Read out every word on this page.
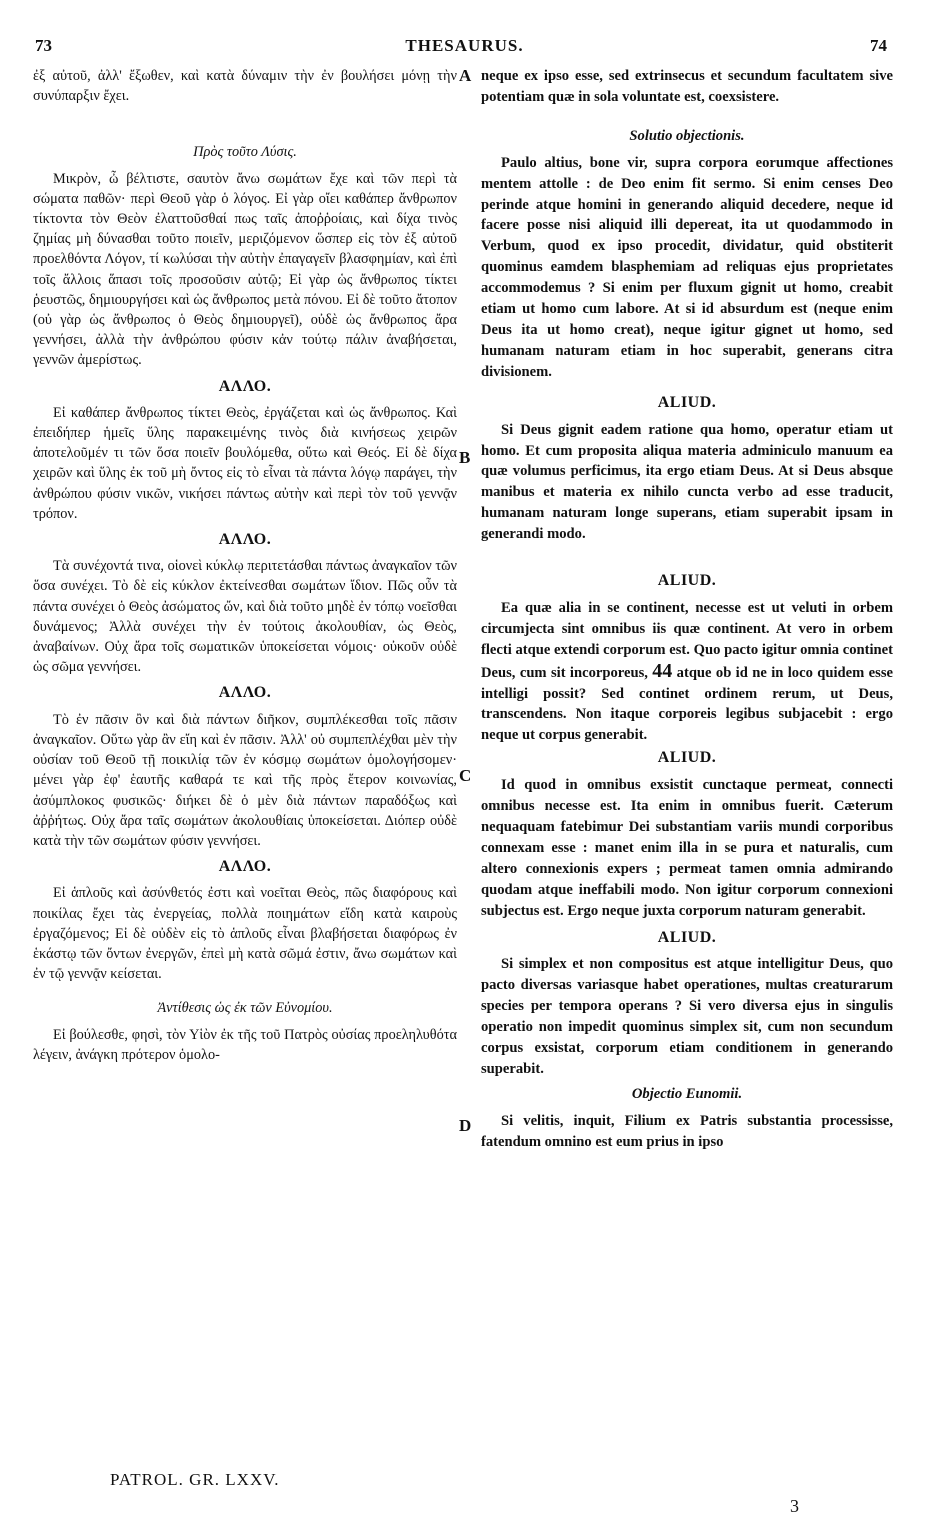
73	THESAURUS.	74

ἐξ αὐτοῦ, ἀλλ' ἔξωθεν, καὶ κατὰ δύναμιν τὴν ἐν βουλήσει μόνῃ τὴν συνύπαρξιν ἔχει.

Πρὸς τοῦτο Λύσις.

Μικρὸν, ὦ βέλτιστε, σαυτὸν ἄνω σωμάτων ἔχε καὶ τῶν περὶ τὰ σώματα παθῶν· περὶ Θεοῦ γὰρ ὁ λόγος. Εἰ γὰρ οἴει καθάπερ ἄνθρωπον τίκτοντα τὸν Θεὸν ἐλαττοῦσθαί πως ταῖς ἀποῤῥοίαις, καὶ δίχα τινὸς ζημίας μὴ δύνασθαι τοῦτο ποιεῖν, μεριζόμενον ὥσπερ εἰς τὸν ἐξ αὐτοῦ προελθόντα Λόγον, τί κωλύσαι τὴν αὐτὴν ἐπαγαγεῖν βλασφημίαν, καὶ ἐπὶ τοῖς ἄλλοις ἅπασι τοῖς προσοῦσιν αὐτῷ; Εἰ γὰρ ὡς ἄνθρωπος τίκτει ῥευστῶς, δημιουργήσει καὶ ὡς ἄνθρωπος μετὰ πόνου. Εἰ δὲ τοῦτο ἄτοπον (οὐ γὰρ ὡς ἄνθρωπος ὁ Θεὸς δημιουργεῖ), οὐδὲ ὡς ἄνθρωπος ἄρα γεννήσει, ἀλλὰ τὴν ἀνθρώπου φύσιν κἀν τούτῳ πάλιν ἀναβήσεται, γεννῶν ἀμερίστως.

ΑΛΛΟ.

Εἰ καθάπερ ἄνθρωπος τίκτει Θεὸς, ἐργάζεται καὶ ὡς ἄνθρωπος. Καὶ ἐπειδήπερ ἡμεῖς ὕλης παρακειμένης τινὸς διὰ κινήσεως χειρῶν ἀποτελοῦμέν τι τῶν ὅσα ποιεῖν βουλόμεθα, οὕτω καὶ Θεός. Εἰ δὲ δίχα χειρῶν καὶ ὕλης ἐκ τοῦ μὴ ὄντος εἰς τὸ εἶναι τὰ πάντα λόγῳ παράγει, τὴν ἀνθρώπου φύσιν νικῶν, νικήσει πάντως αὐτὴν καὶ περὶ τὸν τοῦ γεννᾷν τρόπον.

ΑΛΛΟ.

Τὰ συνέχοντά τινα, οἱονεὶ κύκλῳ περιτετάσθαι πάντως ἀναγκαῖον τῶν ὅσα συνέχει. Τὸ δὲ εἰς κύκλον ἐκτείνεσθαι σωμάτων ἴδιον. Πῶς οὖν τὰ πάντα συνέχει ὁ Θεὸς ἀσώματος ὤν, καὶ διὰ τοῦτο μηδὲ ἐν τόπῳ νοεῖσθαι δυνάμενος; Ἀλλὰ συνέχει τὴν ἐν τούτοις ἀκολουθίαν, ὡς Θεὸς, ἀναβαίνων. Οὐχ ἄρα τοῖς σωματικῶν ὑποκείσεται νόμοις· οὐκοῦν οὐδὲ ὡς σῶμα γεννήσει.

ΑΛΛΟ.

Τὸ ἐν πᾶσιν ὂν καὶ διὰ πάντων διῆκον, συμπλέκεσθαι τοῖς πᾶσιν ἀναγκαῖον. Οὕτω γὰρ ἂν εἴη καὶ ἐν πᾶσιν. Ἀλλ' οὐ συμπεπλέχθαι μὲν τὴν οὐσίαν τοῦ Θεοῦ τῇ ποικιλίᾳ τῶν ἐν κόσμῳ σωμάτων ὁμολογήσομεν· μένει γὰρ ἐφ' ἑαυτῆς καθαρά τε καὶ τῆς πρὸς ἕτερον κοινωνίας, ἀσύμπλοκος φυσικῶς· διήκει δὲ ὁ μὲν διὰ πάντων παραδόξως καὶ ἀῤῥήτως. Οὐχ ἄρα ταῖς σωμάτων ἀκολουθίαις ὑποκείσεται. Διόπερ οὐδὲ κατὰ τὴν τῶν σωμάτων φύσιν γεννήσει.

ΑΛΛΟ.

Εἰ ἁπλοῦς καὶ ἀσύνθετός ἐστι καὶ νοεῖται Θεὸς, πῶς διαφόρους καὶ ποικίλας ἔχει τὰς ἐνεργείας, πολλὰ ποιημάτων εἴδη κατὰ καιροὺς ἐργαζόμενος; Εἰ δὲ οὐδὲν εἰς τὸ ἁπλοῦς εἶναι βλαβήσεται διαφόρως ἐν ἑκάστῳ τῶν ὄντων ἐνεργῶν, ἐπεὶ μὴ κατὰ σῶμά ἐστιν, ἄνω σωμάτων καὶ ἐν τῷ γεννᾷν κείσεται.

Ἀντίθεσις ὡς ἐκ τῶν Εὐνομίου.

Εἰ βούλεσθε, φησὶ, τὸν Υἱὸν ἐκ τῆς τοῦ Πατρὸς οὐσίας προεληλυθότα λέγειν, ἀνάγκη πρότερον ὁμολο-

neque ex ipso esse, sed extrinsecus et secundum facultatem sive potentiam quæ in sola voluntate est, coexsistere.

Solutio objectionis.

Paulo altius, bone vir, supra corpora eorumque affectiones mentem attolle : de Deo enim fit sermo. Si enim censes Deo perinde atque homini in generando aliquid decedere, neque id facere posse nisi aliquid illi depereat, ita ut quodammodo in Verbum, quod ex ipso procedit, dividatur, quid obstiterit quominus eamdem blasphemiam ad reliquas ejus proprietates accommodemus ? Si enim per fluxum gignit ut homo, creabit etiam ut homo cum labore. At si id absurdum est (neque enim Deus ita ut homo creat), neque igitur gignet ut homo, sed humanam naturam etiam in hoc superabit, generans citra divisionem.

ALIUD.

Si Deus gignit eadem ratione qua homo, operatur etiam ut homo. Et cum proposita aliqua materia adminiculo manuum ea quæ volumus perficimus, ita ergo etiam Deus. At si Deus absque manibus et materia ex nihilo cuncta verbo ad esse traducit, humanam naturam longe superans, etiam superabit ipsam in generandi modo.

ALIUD.

Ea quæ alia in se continent, necesse est ut veluti in orbem circumjecta sint omnibus iis quæ continent. At vero in orbem flecti atque extendi corporum est. Quo pacto igitur omnia continet Deus, cum sit incorporeus, 44 atque ob id ne in loco quidem esse intelligi possit? Sed continet ordinem rerum, ut Deus, transcendens. Non itaque corporeis legibus subjacebit : ergo neque ut corpus generabit.

ALIUD.

Id quod in omnibus exsistit cunctaque permeat, connecti omnibus necesse est. Ita enim in omnibus fuerit. Cæterum nequaquam fatebimur Dei substantiam variis mundi corporibus connexam esse : manet enim illa in se pura et naturalis, cum altero connexionis expers ; permeat tamen omnia admirando quodam atque ineffabili modo. Non igitur corporum connexioni subjectus est. Ergo neque juxta corporum naturam generabit.

ALIUD.

Si simplex et non compositus est atque intelligitur Deus, quo pacto diversas variasque habet operationes, multas creaturarum species per tempora operans ? Si vero diversa ejus in singulis operatio non impedit quominus simplex sit, cum non secundum corpus exsistat, corporum etiam conditionem in generando superabit.

Objectio Eunomii.

Si velitis, inquit, Filium ex Patris substantia processisse, fatendum omnino est eum prius in ipso

A
B
C
D
PATROL. GR. LXXV.
3
